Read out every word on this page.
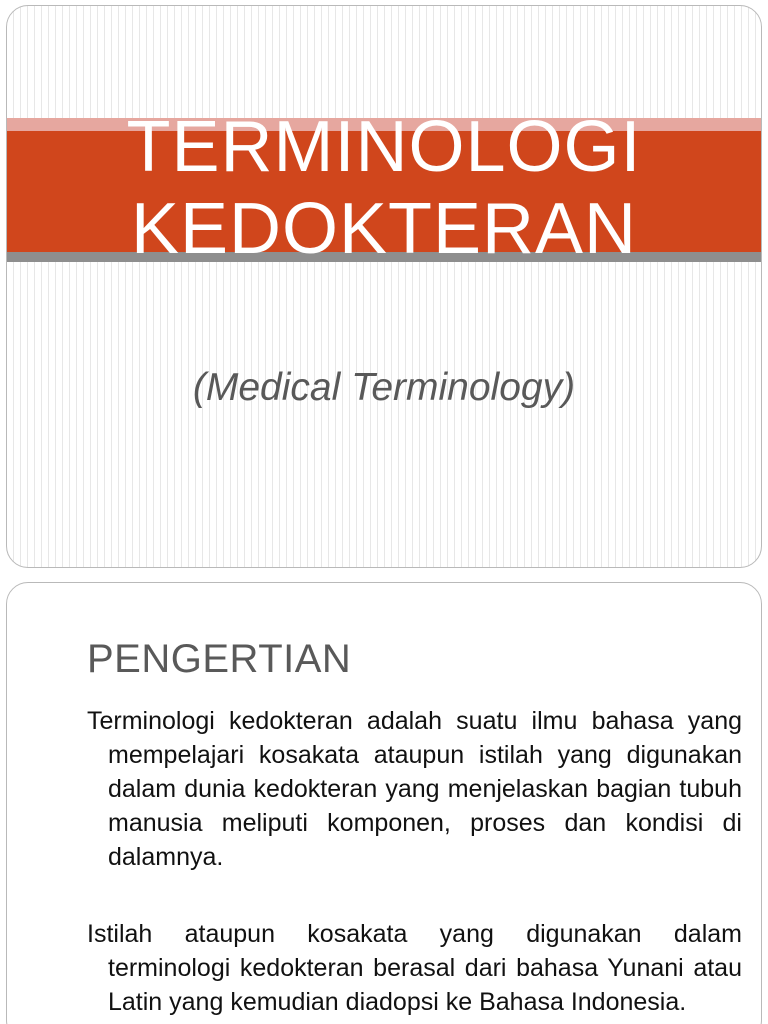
TERMINOLOGI
KEDOKTERAN

(Medical Terminology)

PENGERTIAN

Terminologi kedokteran adalah suatu ilmu bahasa yang mempelajari kosakata ataupun istilah yang digunakan dalam dunia kedokteran yang menjelaskan bagian tubuh manusia meliputi komponen, proses dan kondisi di dalamnya.

Istilah ataupun kosakata yang digunakan dalam terminologi kedokteran berasal dari bahasa Yunani atau Latin yang kemudian diadopsi ke Bahasa Indonesia.
